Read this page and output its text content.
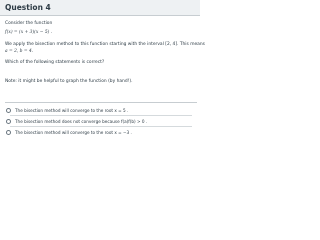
Question 4
Consider the function
f(x) = (x + 3)(x − 5) .
We apply the bisection method to this function starting with the interval [2, 4]. This means
a = 2, b = 4.
Which of the following statements is correct?
Note: it might be helpful to graph the function (by hand!).
The bisection method will converge to the root x = 5 .
The bisection method does not converge because f(a)f(b) > 0 .
The bisection method will converge to the root x = −3 .
